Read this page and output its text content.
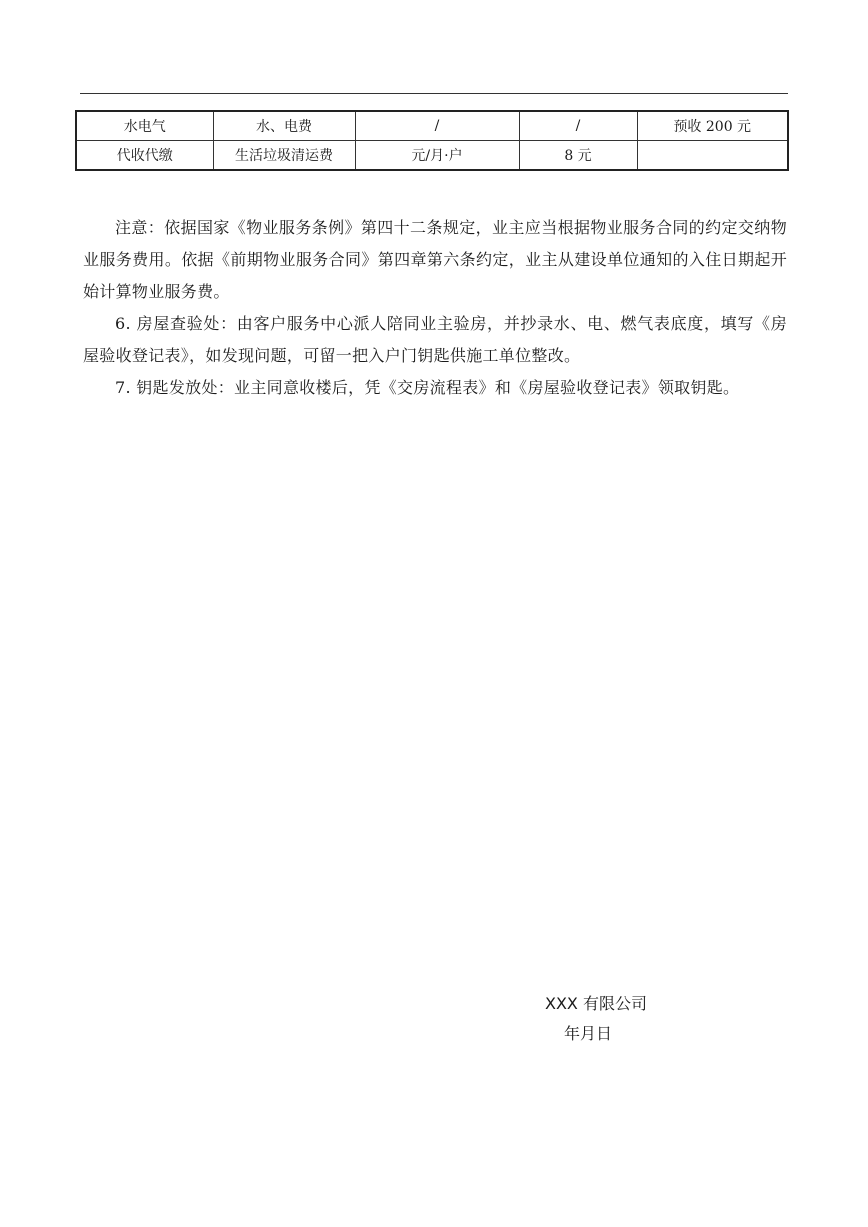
水电气	水、电费	/	/	预收 200 元
代收代缴	生活垃圾清运费	元/月·户	8 元	

注意：依据国家《物业服务条例》第四十二条规定，业主应当根据物业服务合同的约定交纳物业服务费用。依据《前期物业服务合同》第四章第六条约定，业主从建设单位通知的入住日期起开始计算物业服务费。

6. 房屋查验处：由客户服务中心派人陪同业主验房，并抄录水、电、燃气表底度，填写《房屋验收登记表》，如发现问题，可留一把入户门钥匙供施工单位整改。

7. 钥匙发放处：业主同意收楼后，凭《交房流程表》和《房屋验收登记表》领取钥匙。

XXX 有限公司
年月日
